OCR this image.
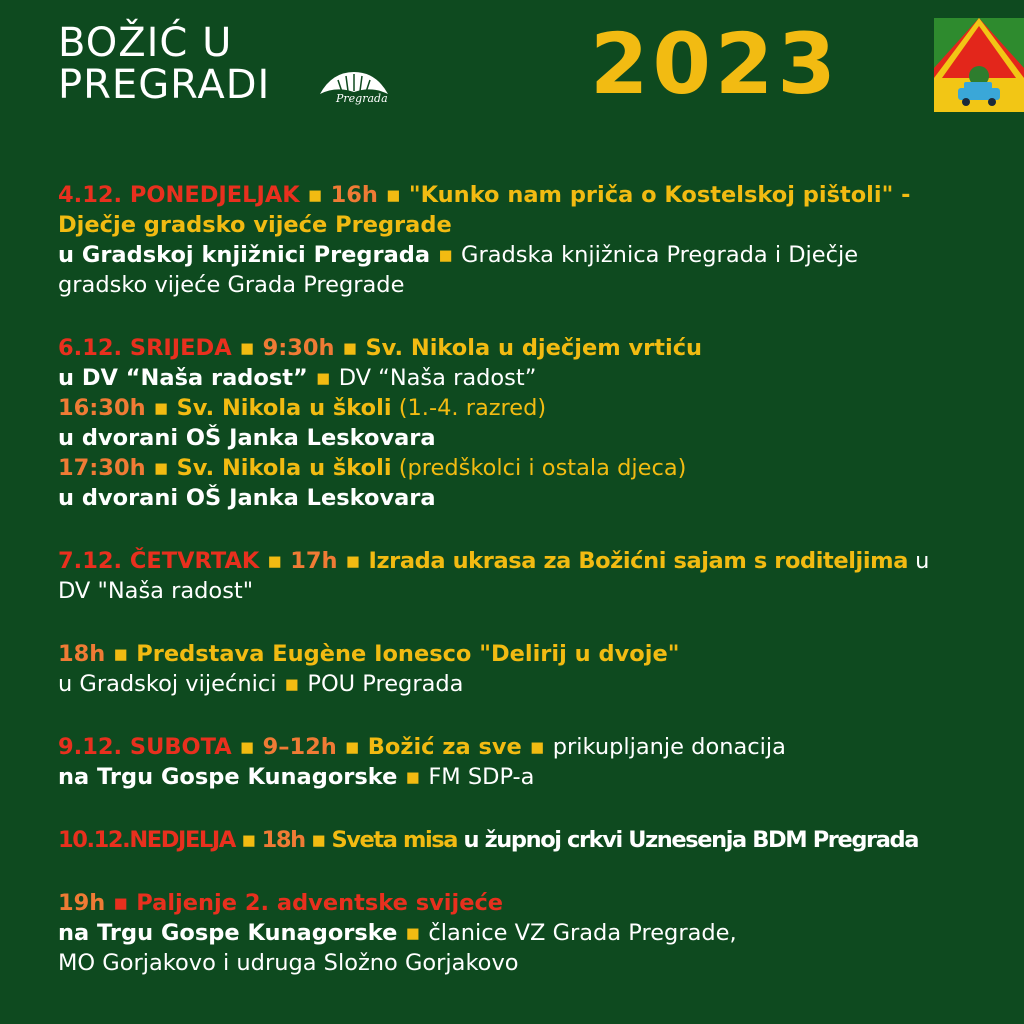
BOŽIĆ U
PREGRADI	Pregrada 2023
4.12. PONEDJELJAK ▪ 16h ▪ "Kunko nam priča o Kostelskoj pištoli" -
Dječje gradsko vijeće Pregrade
u Gradskoj knjižnici Pregrada ▪ Gradska knjižnica Pregrada i Dječje
gradsko vijeće Grada Pregrade
6.12. SRIJEDA ▪ 9:30h ▪ Sv. Nikola u dječjem vrtiću
u DV “Naša radost” ▪ DV “Naša radost”
16:30h ▪ Sv. Nikola u školi (1.-4. razred)
u dvorani OŠ Janka Leskovara
17:30h ▪ Sv. Nikola u školi (predškolci i ostala djeca)
u dvorani OŠ Janka Leskovara
7.12. ČETVRTAK ▪ 17h ▪ Izrada ukrasa za Božićni sajam s roditeljima u
DV "Naša radost"
18h ▪ Predstava Eugène Ionesco "Delirij u dvoje"
u Gradskoj vijećnici ▪ POU Pregrada
9.12. SUBOTA ▪ 9–12h ▪ Božić za sve ▪ prikupljanje donacija
na Trgu Gospe Kunagorske ▪ FM SDP-a
10.12.NEDJELJA ▪ 18h ▪ Sveta misa u župnoj crkvi Uznesenja BDM Pregrada
19h ▪ Paljenje 2. adventske svijeće
na Trgu Gospe Kunagorske ▪ članice VZ Grada Pregrade,
MO Gorjakovo i udruga Složno Gorjakovo
